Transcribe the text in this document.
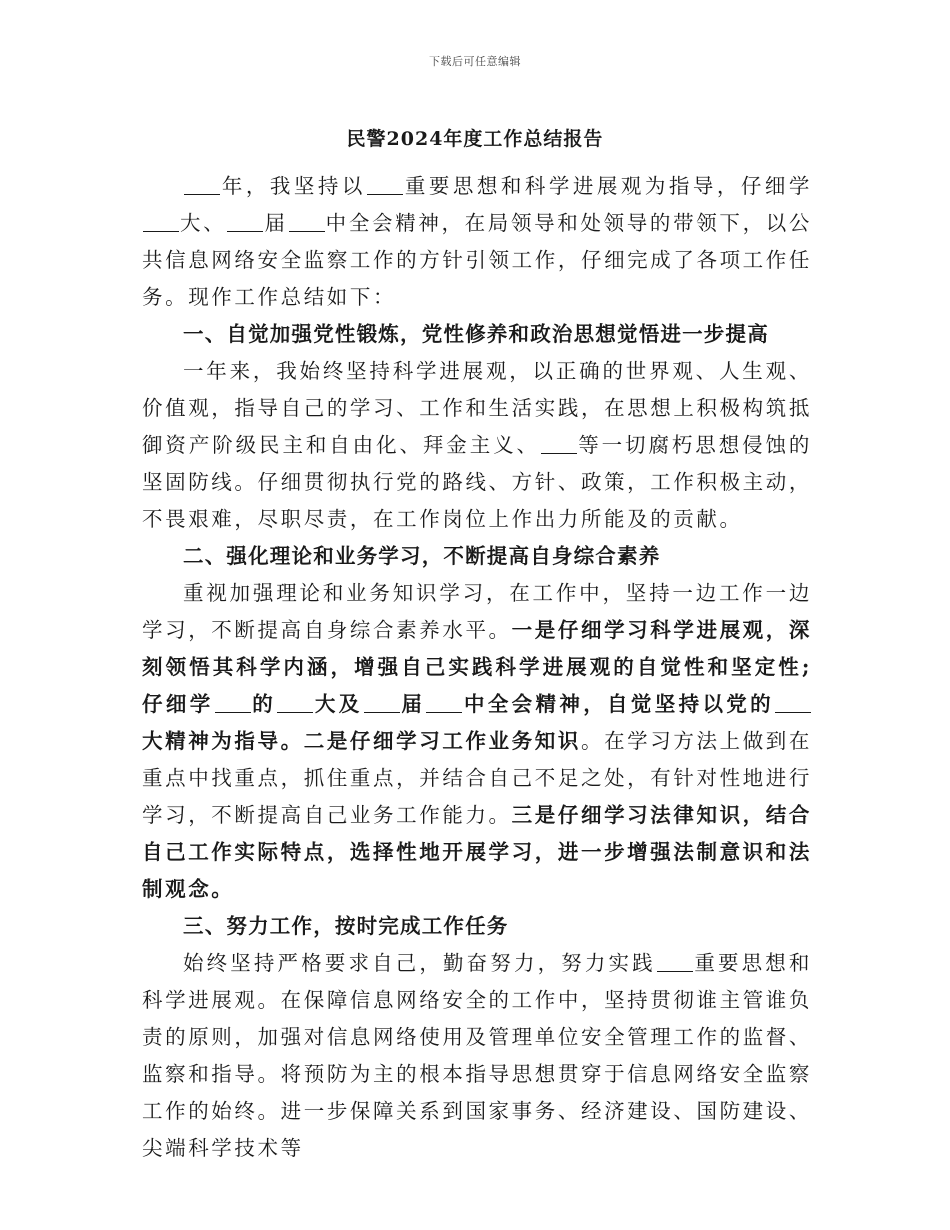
下载后可任意编辑
民警2024年度工作总结报告

年，我坚持以 重要思想和科学进展观为指导，仔细学大、 届 中全会精神，在局领导和处领导的带领下，以公共信息网络安全监察工作的方针引领工作，仔细完成了各项工作任务。现作工作总结如下：

一、自觉加强党性锻炼，党性修养和政治思想觉悟进一步提高

一年来，我始终坚持科学进展观，以正确的世界观、人生观、价值观，指导自己的学习、工作和生活实践，在思想上积极构筑抵御资产阶级民主和自由化、拜金主义、 等一切腐朽思想侵蚀的坚固防线。仔细贯彻执行党的路线、方针、政策，工作积极主动，不畏艰难，尽职尽责，在工作岗位上作出力所能及的贡献。

二、强化理论和业务学习，不断提高自身综合素养

重视加强理论和业务知识学习，在工作中，坚持一边工作一边学习，不断提高自身综合素养水平。一是仔细学习科学进展观，深刻领悟其科学内涵，增强自己实践科学进展观的自觉性和坚定性;仔细学 的 大及 届 中全会精神，自觉坚持以党的大精神为指导。二是仔细学习工作业务知识。在学习方法上做到在重点中找重点，抓住重点，并结合自己不足之处，有针对性地进行学习，不断提高自己业务工作能力。三是仔细学习法律知识，结合自己工作实际特点，选择性地开展学习，进一步增强法制意识和法制观念。

三、努力工作，按时完成工作任务

始终坚持严格要求自己，勤奋努力，努力实践 重要思想和科学进展观。在保障信息网络安全的工作中，坚持贯彻谁主管谁负责的原则，加强对信息网络使用及管理单位安全管理工作的监督、监察和指导。将预防为主的根本指导思想贯穿于信息网络安全监察工作的始终。进一步保障关系到国家事务、经济建设、国防建设、尖端科学技术等
